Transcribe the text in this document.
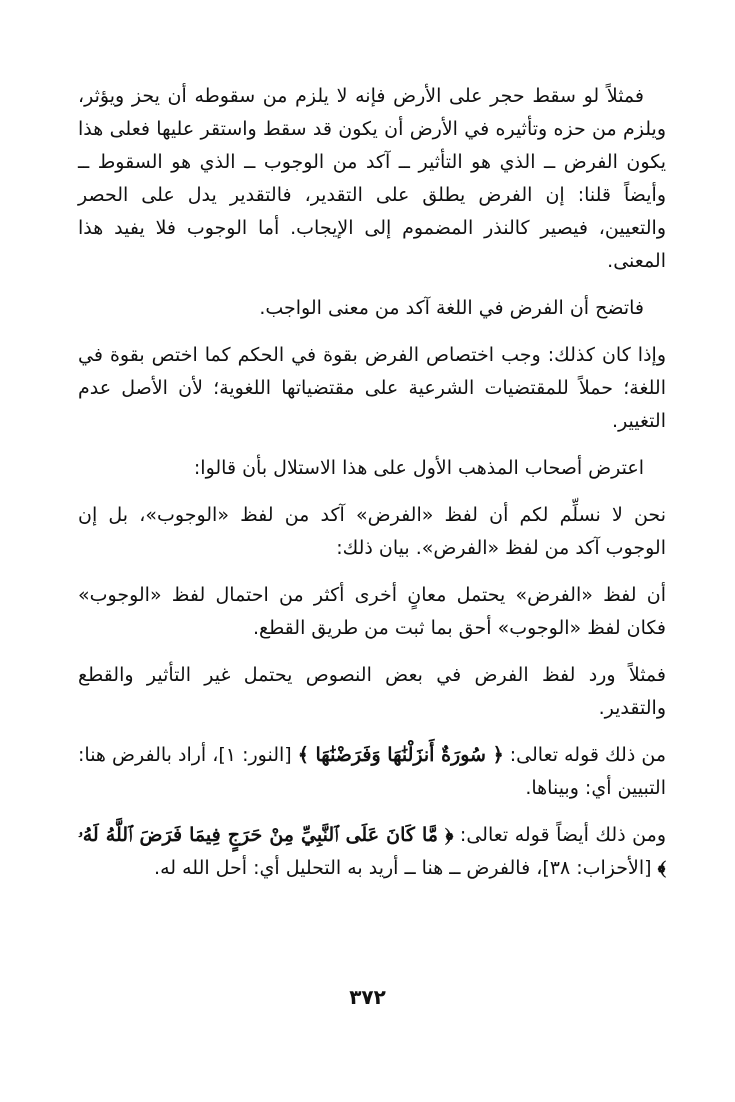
فمثلاً لو سقط حجر على الأرض فإنه لا يلزم من سقوطه أن يحز ويؤثر، ويلزم من حزه وتأثيره في الأرض أن يكون قد سقط واستقر عليها فعلى هذا يكون الفرض ــ الذي هو التأثير ــ آكد من الوجوب ــ الذي هو السقوط ــ وأيضاً قلنا: إن الفرض يطلق على التقدير، فالتقدير يدل على الحصر والتعيين، فيصير كالنذر المضموم إلى الإيجاب. أما الوجوب فلا يفيد هذا المعنى.

فاتضح أن الفرض في اللغة آكد من معنى الواجب.

وإذا كان كذلك: وجب اختصاص الفرض بقوة في الحكم كما اختص بقوة في اللغة؛ حملاً للمقتضيات الشرعية على مقتضياتها اللغوية؛ لأن الأصل عدم التغيير.

اعترض أصحاب المذهب الأول على هذا الاستلال بأن قالوا:

نحن لا نسلِّم لكم أن لفظ «الفرض» آكد من لفظ «الوجوب»، بل إن الوجوب آكد من لفظ «الفرض». بيان ذلك:

أن لفظ «الفرض» يحتمل معانٍ أخرى أكثر من احتمال لفظ «الوجوب» فكان لفظ «الوجوب» أحق بما ثبت من طريق القطع.

فمثلاً ورد لفظ الفرض في بعض النصوص يحتمل غير التأثير والقطع والتقدير.

من ذلك قوله تعالى: ﴿ سُورَةٌ أَنزَلْنَٰهَا وَفَرَضْنَٰهَا ﴾ [النور: ١]، أراد بالفرض هنا: التبيين أي: وبيناها.

ومن ذلك أيضاً قوله تعالى: ﴿ مَّا كَانَ عَلَى ٱلنَّبِيِّ مِنْ حَرَجٍ فِيمَا فَرَضَ ٱللَّهُ لَهُۥ ﴾ [الأحزاب: ٣٨]، فالفرض ــ هنا ــ أريد به التحليل أي: أحل الله له.

٣٧٢
